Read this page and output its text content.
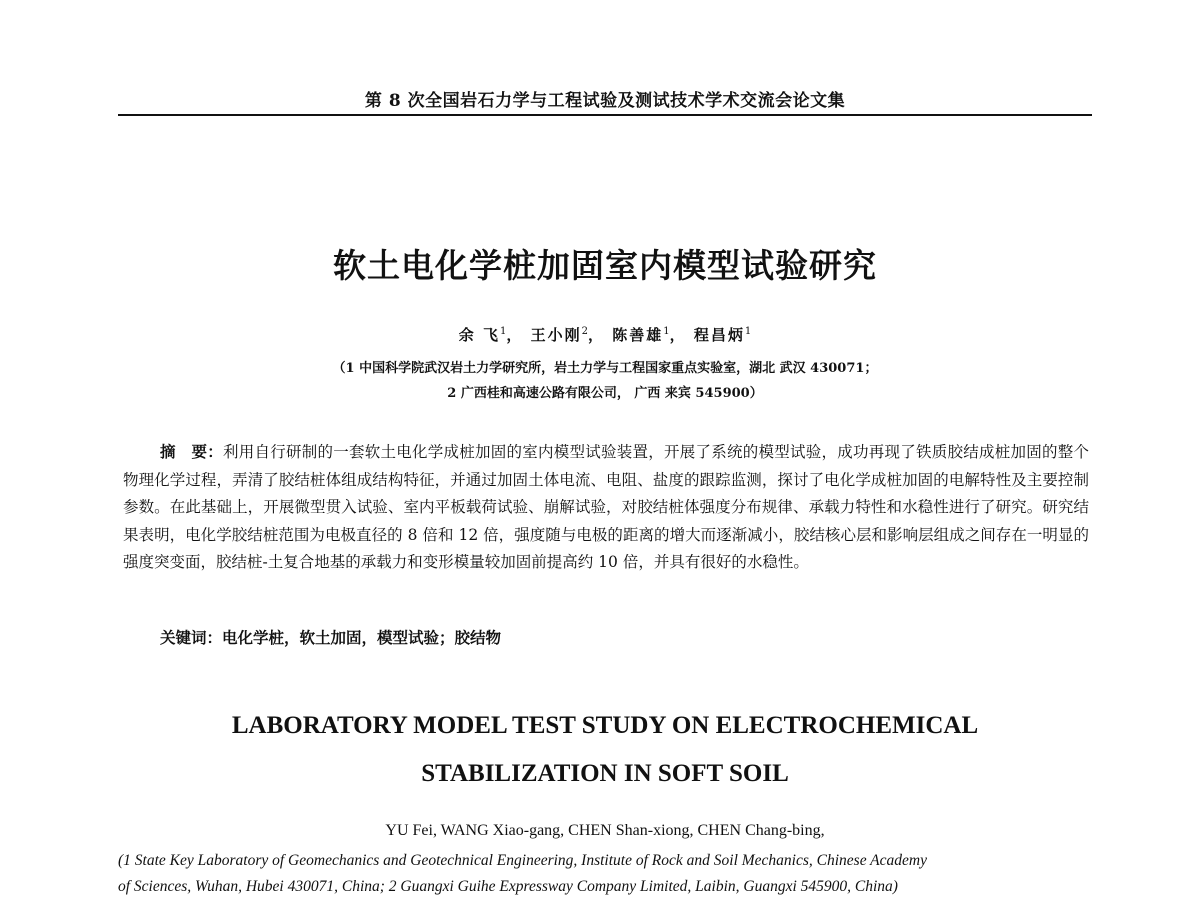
第 8 次全国岩石力学与工程试验及测试技术学术交流会论文集
软土电化学桩加固室内模型试验研究
余 飞$^1$， 王小刚$^2$， 陈善雄$^1$， 程昌炳$^1$
（1 中国科学院武汉岩土力学研究所，岩土力学与工程国家重点实验室，湖北 武汉 430071；
2 广西桂和高速公路有限公司， 广西 来宾 545900）
摘　要：利用自行研制的一套软土电化学成桩加固的室内模型试验装置，开展了系统的模型试验，成功再现了铁质胶结成桩加固的整个物理化学过程，弄清了胶结桩体组成结构特征，并通过加固土体电流、电阻、盐度的跟踪监测，探讨了电化学成桩加固的电解特性及主要控制参数。在此基础上，开展微型贯入试验、室内平板载荷试验、崩解试验，对胶结桩体强度分布规律、承载力特性和水稳性进行了研究。研究结果表明，电化学胶结桩范围为电极直径的 8 倍和 12 倍，强度随与电极的距离的增大而逐渐减小，胶结核心层和影响层组成之间存在一明显的强度突变面，胶结桩-土复合地基的承载力和变形模量较加固前提高约 10 倍，并具有很好的水稳性。
关键词：电化学桩，软土加固，模型试验；胶结物
LABORATORY MODEL TEST STUDY ON ELECTROCHEMICAL
STABILIZATION IN SOFT SOIL
YU Fei, WANG Xiao-gang, CHEN Shan-xiong, CHEN Chang-bing,
(1 State Key Laboratory of Geomechanics and Geotechnical Engineering, Institute of Rock and Soil Mechanics, Chinese Academy
of Sciences, Wuhan, Hubei 430071, China; 2 Guangxi Guihe Expressway Company Limited, Laibin, Guangxi 545900, China)
